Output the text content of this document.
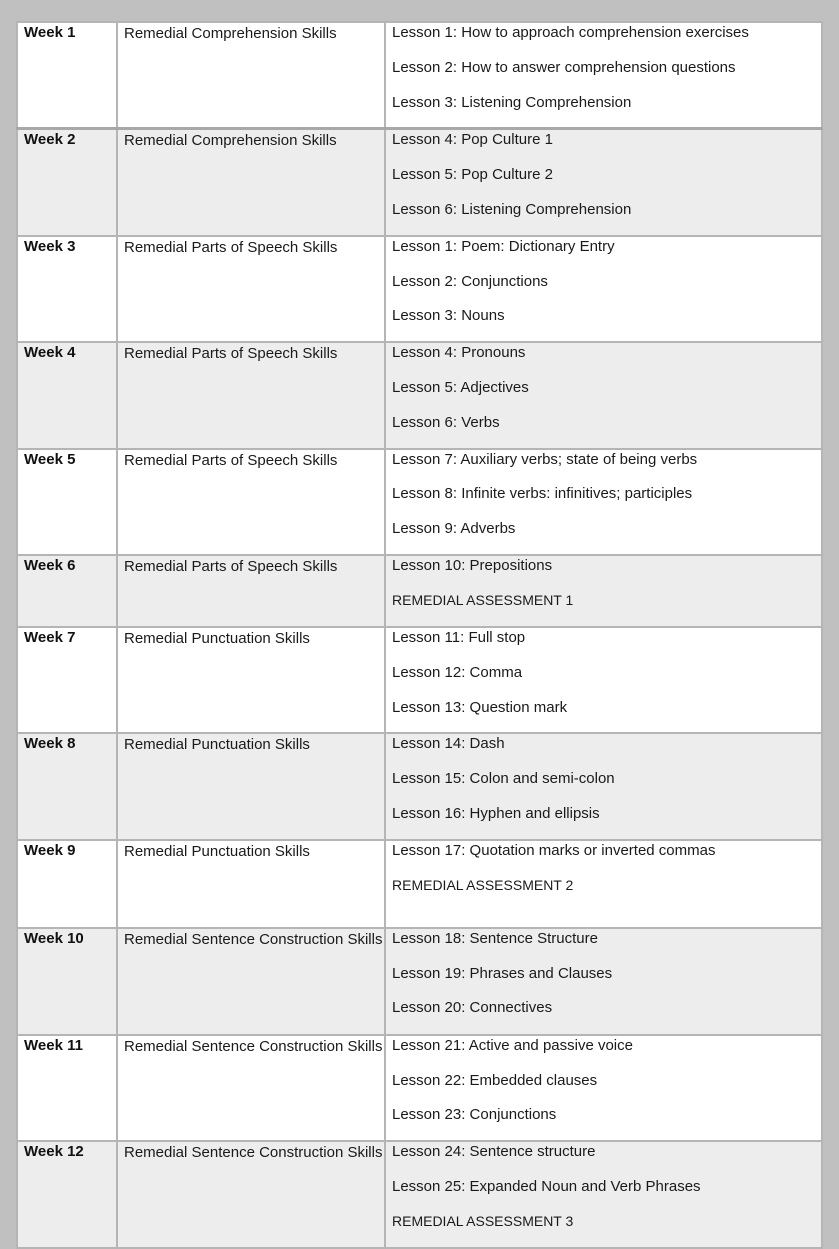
Week 1	Remedial Comprehension Skills	Lesson 1: How to approach comprehension exercises
Lesson 2: How to answer comprehension questions
Lesson 3: Listening Comprehension

Week 2	Remedial Comprehension Skills	Lesson 4: Pop Culture 1
Lesson 5: Pop Culture 2
Lesson 6: Listening Comprehension

Week 3	Remedial Parts of Speech Skills	Lesson 1: Poem: Dictionary Entry
Lesson 2: Conjunctions
Lesson 3: Nouns

Week 4	Remedial Parts of Speech Skills	Lesson 4: Pronouns
Lesson 5: Adjectives
Lesson 6: Verbs

Week 5	Remedial Parts of Speech Skills	Lesson 7: Auxiliary verbs; state of being verbs
Lesson 8: Infinite verbs: infinitives; participles
Lesson 9: Adverbs

Week 6	Remedial Parts of Speech Skills	Lesson 10: Prepositions
REMEDIAL ASSESSMENT 1

Week 7	Remedial Punctuation Skills	Lesson 11: Full stop
Lesson 12: Comma
Lesson 13: Question mark

Week 8	Remedial Punctuation Skills	Lesson 14: Dash
Lesson 15: Colon and semi-colon
Lesson 16: Hyphen and ellipsis

Week 9	Remedial Punctuation Skills	Lesson 17: Quotation marks or inverted commas
REMEDIAL ASSESSMENT 2

Week 10	Remedial Sentence Construction Skills	Lesson 18: Sentence Structure
Lesson 19: Phrases and Clauses
Lesson 20: Connectives

Week 11	Remedial Sentence Construction Skills	Lesson 21: Active and passive voice
Lesson 22: Embedded clauses
Lesson 23: Conjunctions

Week 12	Remedial Sentence Construction Skills	Lesson 24: Sentence structure
Lesson 25: Expanded Noun and Verb Phrases
REMEDIAL ASSESSMENT 3
